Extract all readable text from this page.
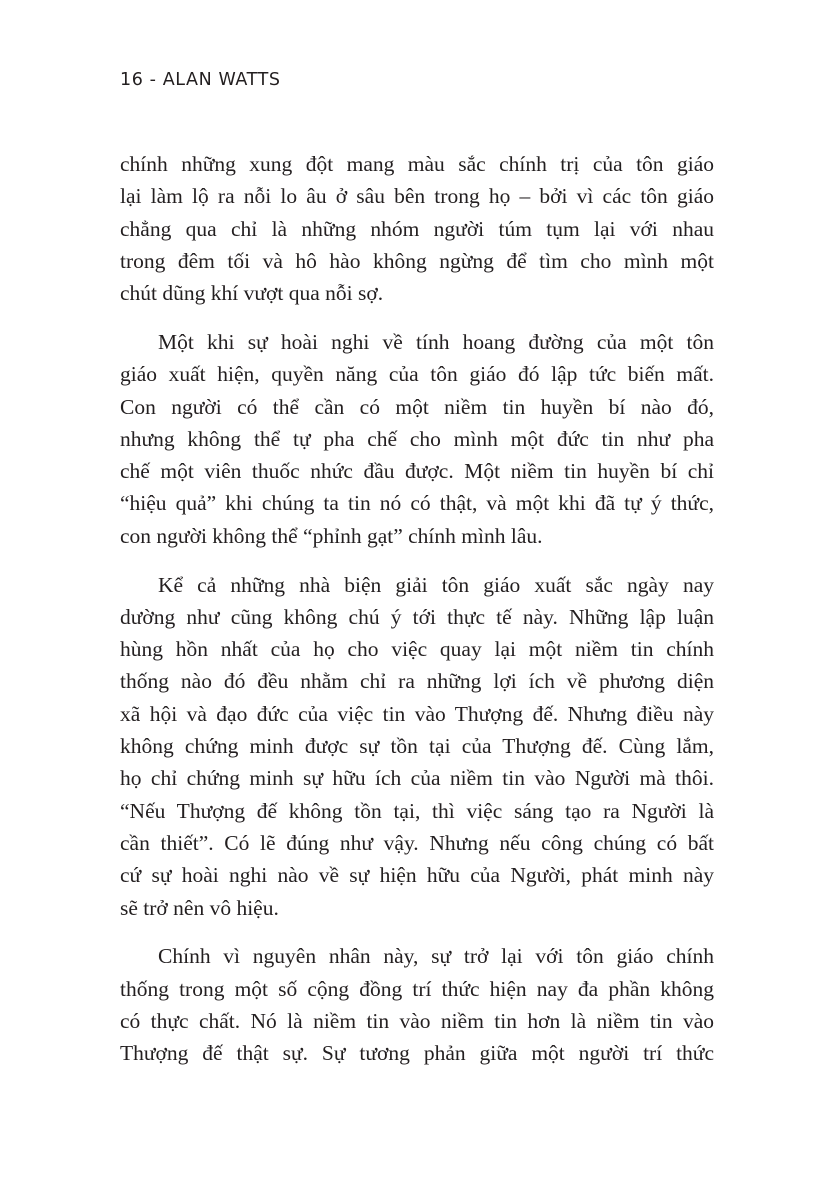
16 - ALAN WATTS

chính những xung đột mang màu sắc chính trị của tôn giáo
lại làm lộ ra nỗi lo âu ở sâu bên trong họ – bởi vì các tôn giáo
chẳng qua chỉ là những nhóm người túm tụm lại với nhau
trong đêm tối và hô hào không ngừng để tìm cho mình một
chút dũng khí vượt qua nỗi sợ.

Một khi sự hoài nghi về tính hoang đường của một tôn
giáo xuất hiện, quyền năng của tôn giáo đó lập tức biến mất.
Con người có thể cần có một niềm tin huyền bí nào đó,
nhưng không thể tự pha chế cho mình một đức tin như pha
chế một viên thuốc nhức đầu được. Một niềm tin huyền bí chỉ
“hiệu quả” khi chúng ta tin nó có thật, và một khi đã tự ý thức,
con người không thể “phỉnh gạt” chính mình lâu.

Kể cả những nhà biện giải tôn giáo xuất sắc ngày nay
dường như cũng không chú ý tới thực tế này. Những lập luận
hùng hồn nhất của họ cho việc quay lại một niềm tin chính
thống nào đó đều nhằm chỉ ra những lợi ích về phương diện
xã hội và đạo đức của việc tin vào Thượng đế. Nhưng điều này
không chứng minh được sự tồn tại của Thượng đế. Cùng lắm,
họ chỉ chứng minh sự hữu ích của niềm tin vào Người mà thôi.
“Nếu Thượng đế không tồn tại, thì việc sáng tạo ra Người là
cần thiết”. Có lẽ đúng như vậy. Nhưng nếu công chúng có bất
cứ sự hoài nghi nào về sự hiện hữu của Người, phát minh này
sẽ trở nên vô hiệu.

Chính vì nguyên nhân này, sự trở lại với tôn giáo chính
thống trong một số cộng đồng trí thức hiện nay đa phần không
có thực chất. Nó là niềm tin vào niềm tin hơn là niềm tin vào
Thượng đế thật sự. Sự tương phản giữa một người trí thức
